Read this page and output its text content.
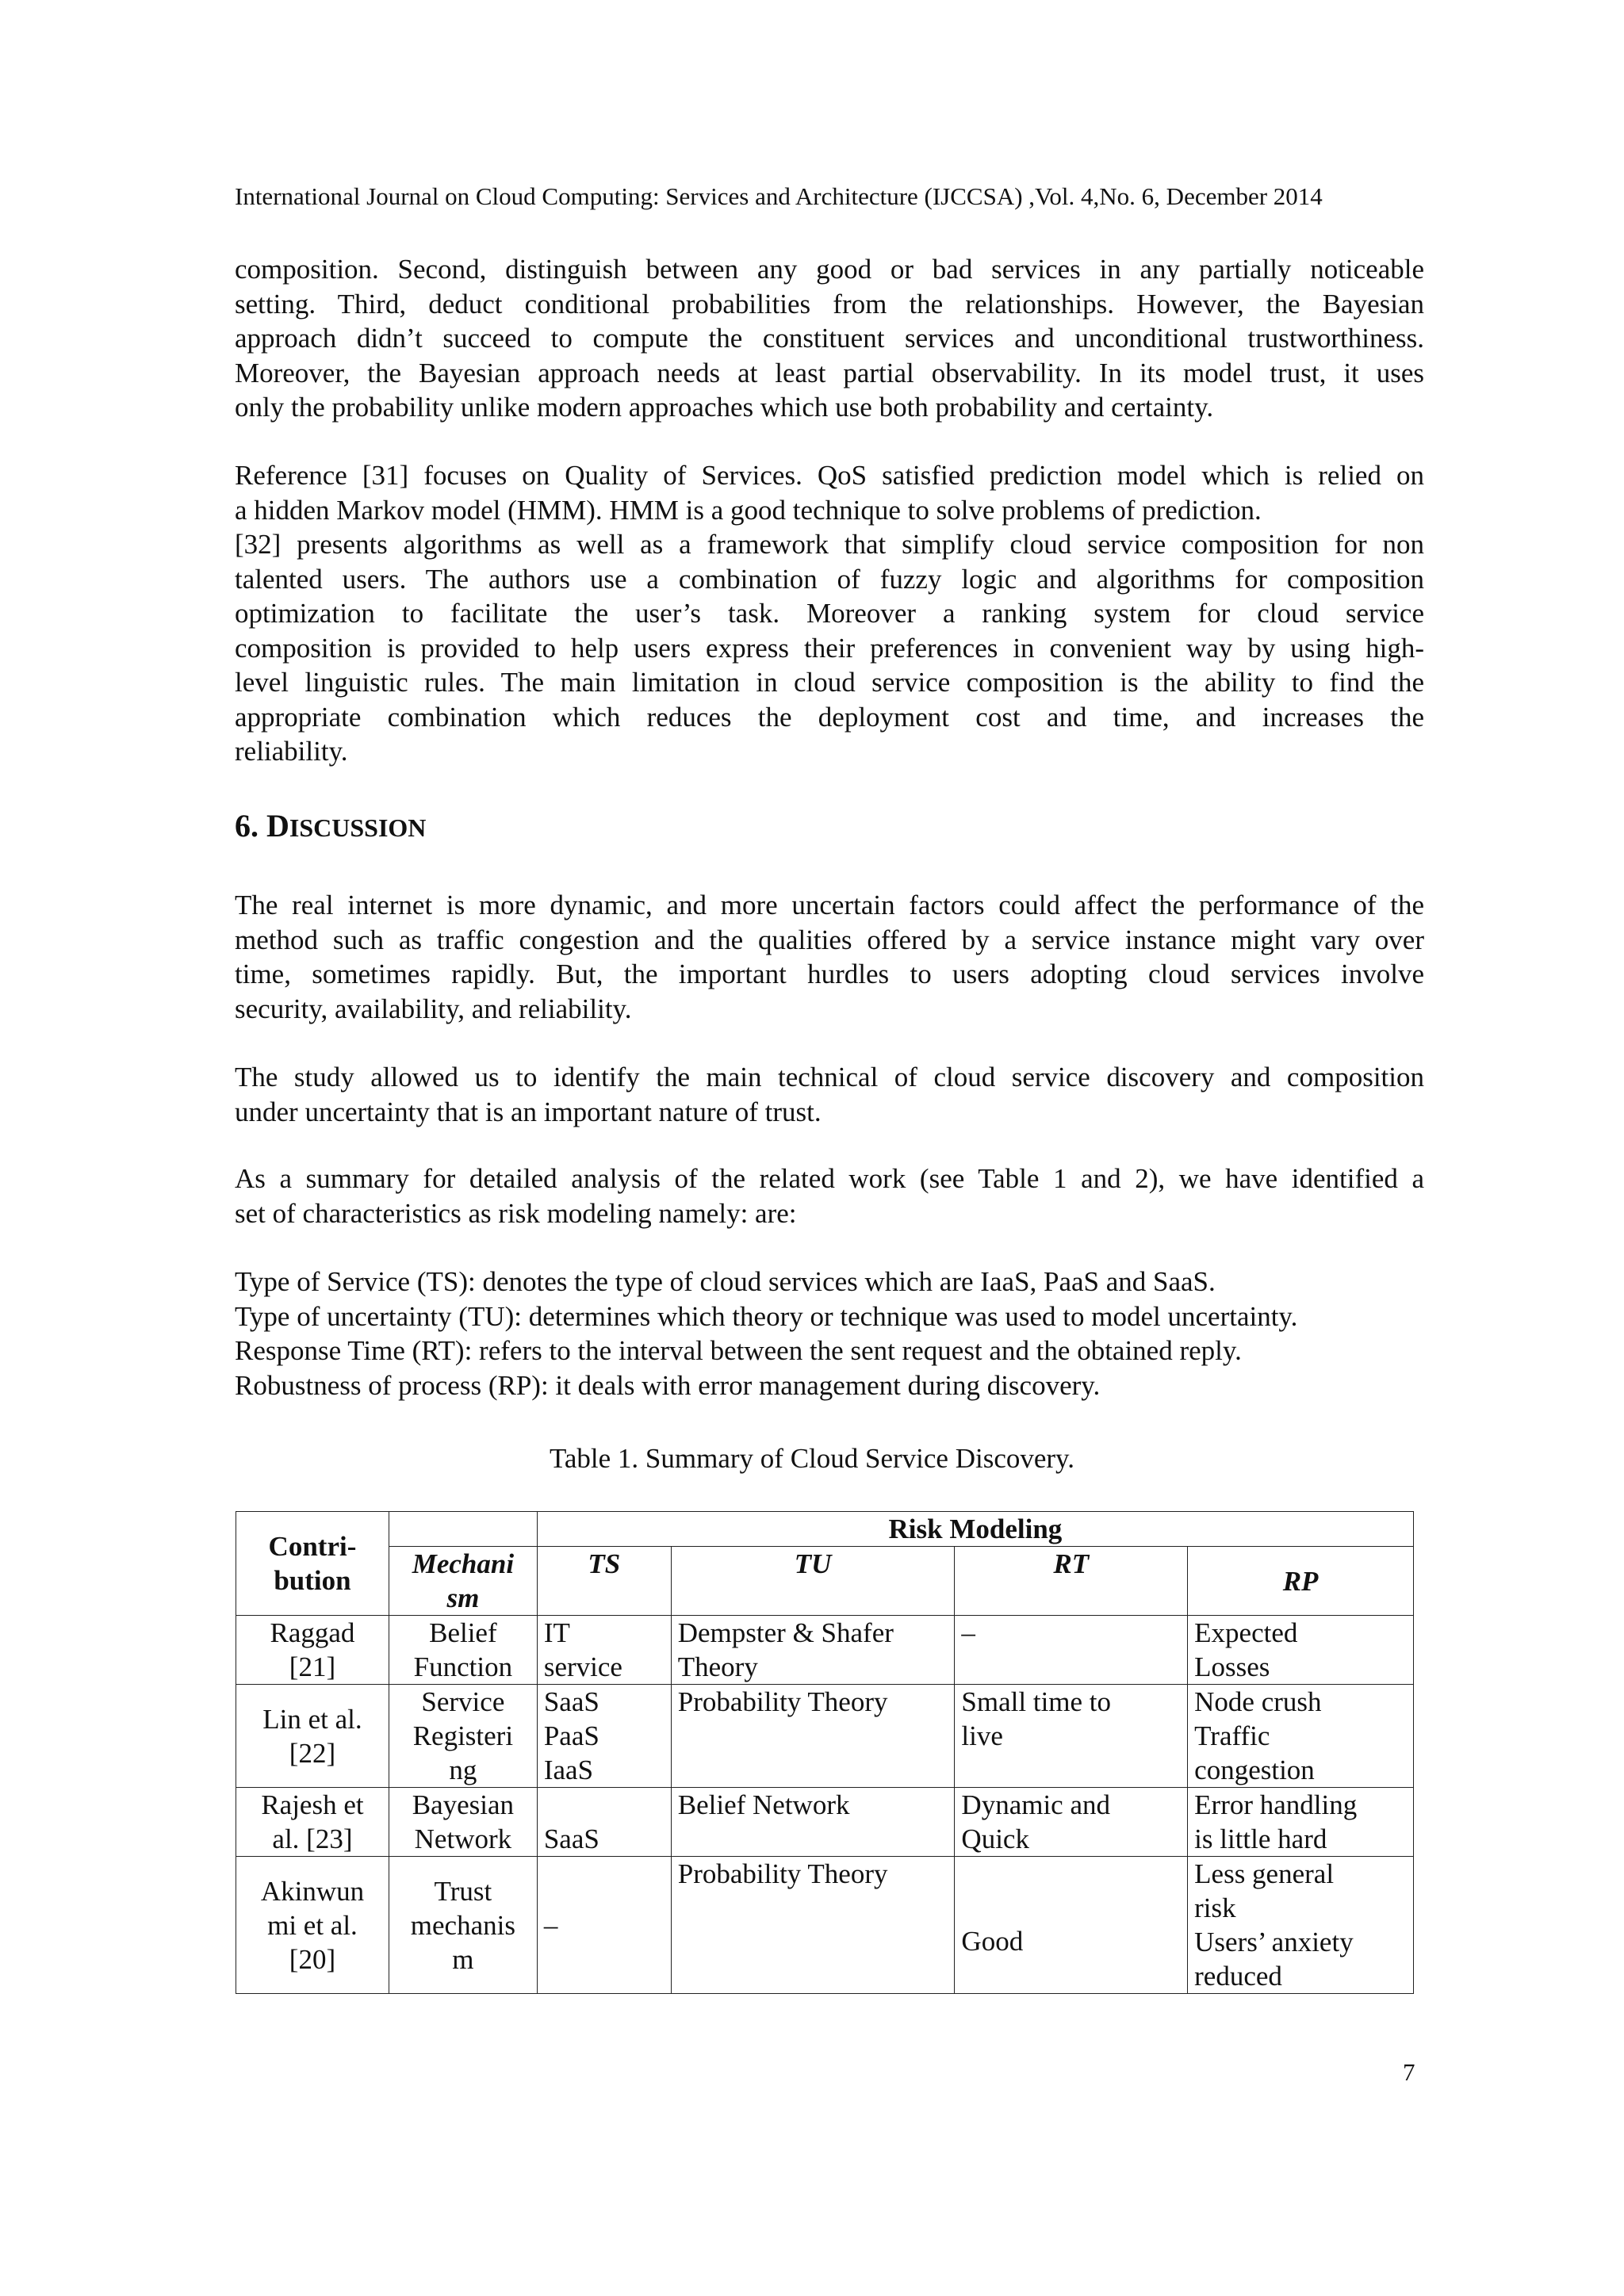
International Journal on Cloud Computing: Services and Architecture (IJCCSA) ,Vol. 4,No. 6, December 2014
composition. Second, distinguish between any good or bad services in any partially noticeable
setting. Third, deduct conditional probabilities from the relationships. However, the Bayesian
approach didn’t succeed to compute the constituent services and unconditional trustworthiness.
Moreover, the Bayesian approach needs at least partial observability. In its model trust, it uses
only the probability unlike modern approaches which use both probability and certainty.
Reference [31] focuses on Quality of Services. QoS satisfied prediction model which is relied on
a hidden Markov model (HMM). HMM is a good technique to solve problems of prediction.
[32] presents algorithms as well as a framework that simplify cloud service composition for non
talented users. The authors use a combination of fuzzy logic and algorithms for composition
optimization to facilitate the user’s task. Moreover a ranking system for cloud service
composition is provided to help users express their preferences in convenient way by using high-
level linguistic rules. The main limitation in cloud service composition is the ability to find the
appropriate combination which reduces the deployment cost and time, and increases the
reliability.
6. DISCUSSION
The real internet is more dynamic, and more uncertain factors could affect the performance of the
method such as traffic congestion and the qualities offered by a service instance might vary over
time, sometimes rapidly. But, the important hurdles to users adopting cloud services involve
security, availability, and reliability.
The study allowed us to identify the main technical of cloud service discovery and composition
under uncertainty that is an important nature of trust.
As a summary for detailed analysis of the related work (see Table 1 and 2), we have identified a
set of characteristics as risk modeling namely: are:
Type of Service (TS): denotes the type of cloud services which are IaaS, PaaS and SaaS.
Type of uncertainty (TU): determines which theory or technique was used to model uncertainty.
Response Time (RT): refers to the interval between the sent request and the obtained reply.
Robustness of process (RP): it deals with error management during discovery.
Table 1. Summary of Cloud Service Discovery.
Contri-
bution		Risk Modeling			
	Mechani
sm	TS	TU	RT	RP
Raggad
[21]	Belief
Function	IT
service	Dempster & Shafer
Theory	–	Expected
Losses
Lin et al.
[22]	Service
Registeri
ng	SaaS
PaaS
IaaS	Probability Theory	Small time to
live	Node crush
Traffic
congestion
Rajesh et
al. [23]	Bayesian
Network	SaaS	Belief Network	Dynamic and
Quick	Error handling
is little hard
Akinwun
mi et al.
[20]	Trust
mechanis
m	–	Probability Theory	Good	Less general
risk
Users’ anxiety
reduced
7
